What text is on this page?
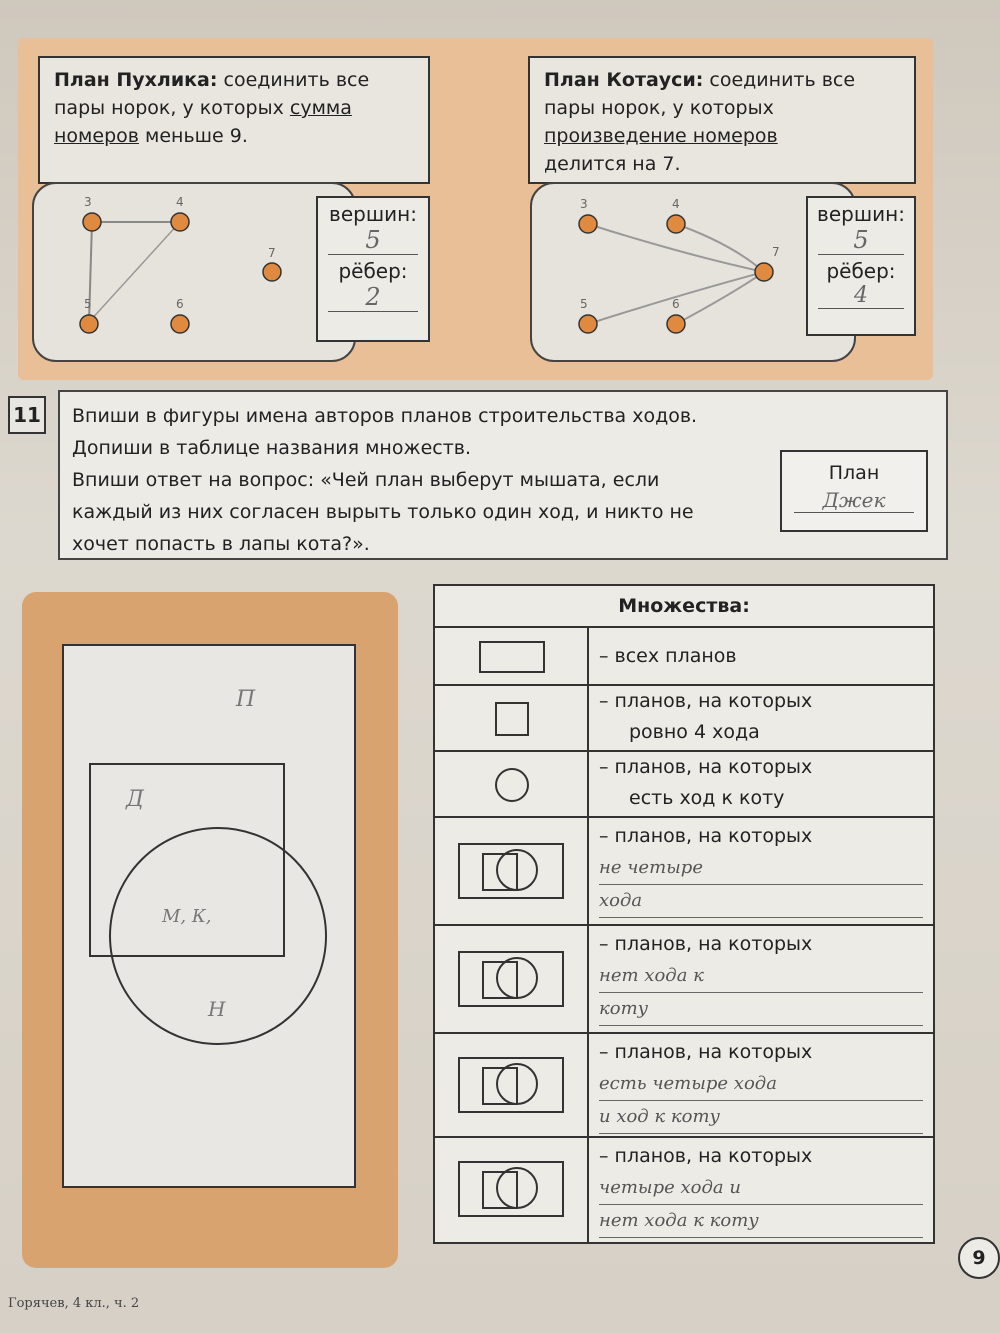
План Пухлика: соединить все
пары норок, у которых сумма
номеров меньше 9.
3	4
7
5	6
вершин:
5
рёбер:
2
План Котауси: соединить все
пары норок, у которых
произведение номеров
делится на 7.
3	4
7
5	6
вершин:
5
рёбер:
4
11 Впиши в фигуры имена авторов планов строительства ходов.
Допиши в таблице названия множеств.
Впиши ответ на вопрос: «Чей план выберут мышата, если
каждый из них согласен вырыть только один ход, и никто не
хочет попасть в лапы кота?».
План
Джек
П
Д
М, К,
Н
Множества:
– всех планов
– планов, на которых
ровно 4 хода
– планов, на которых
есть ход к коту
– планов, на которых
не четыре
хода
– планов, на которых
нет хода к
коту
– планов, на которых
есть четыре хода
и ход к коту
– планов, на которых
четыре хода и
нет хода к коту
9
Горячев, 4 кл., ч. 2
